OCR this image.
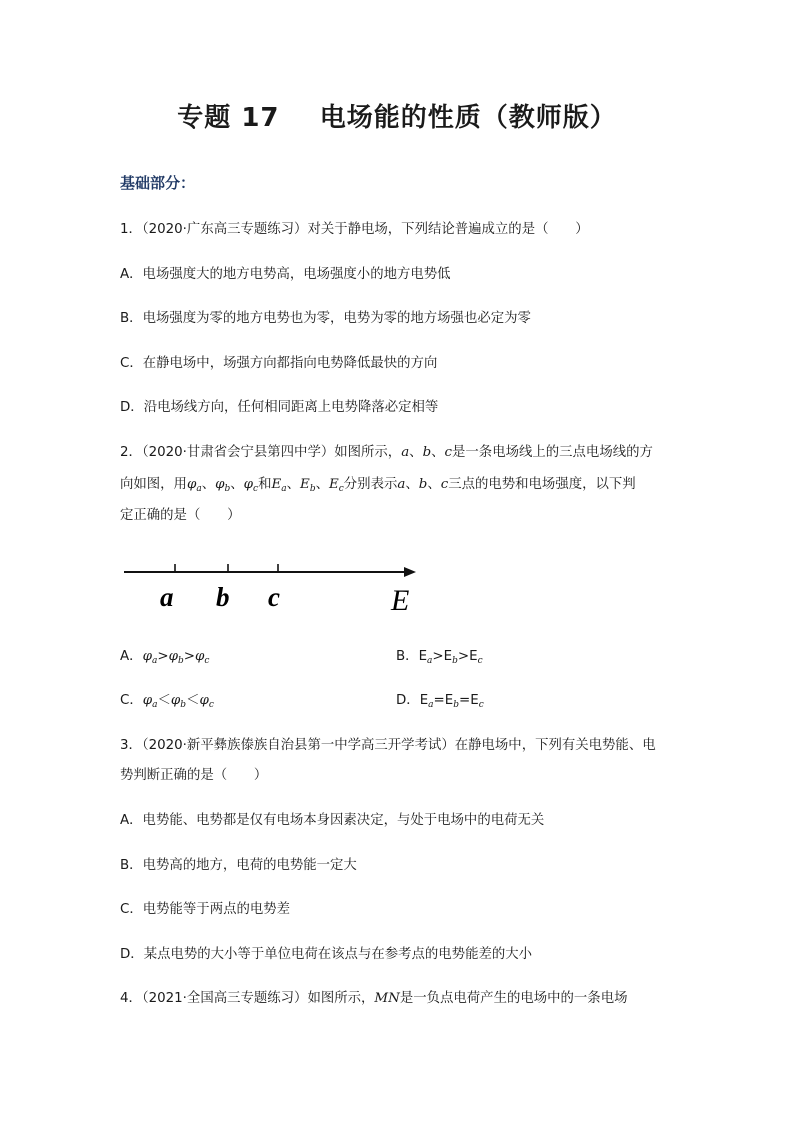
专题 17    电场能的性质（教师版）
基础部分：
1．（2020·广东高三专题练习）对关于静电场，下列结论普遍成立的是（　　）
A．电场强度大的地方电势高，电场强度小的地方电势低
B．电场强度为零的地方电势也为零，电势为零的地方场强也必定为零
C．在静电场中，场强方向都指向电势降低最快的方向
D．沿电场线方向，任何相同距离上电势降落必定相等
2．（2020·甘肃省会宁县第四中学）如图所示，a、b、c是一条电场线上的三点电场线的方
向如图，用$\varphi_a$、$\varphi_b$、$\varphi_c$和$E_a$、$E_b$、$E_c$分别表示a、b、c三点的电势和电场强度，以下判
定正确的是（　　）
a b c	E
A．$\varphi_a>\varphi_b>\varphi_c$	B．$E_a>E_b>E_c$
C．$\varphi_a<\varphi_b<\varphi_c$	D．$E_a=E_b=E_c$
3．（2020·新平彝族傣族自治县第一中学高三开学考试）在静电场中，下列有关电势能、电
势判断正确的是（　　）
A．电势能、电势都是仅有电场本身因素决定，与处于电场中的电荷无关
B．电势高的地方，电荷的电势能一定大
C．电势能等于两点的电势差
D．某点电势的大小等于单位电荷在该点与在参考点的电势能差的大小
4．（2021·全国高三专题练习）如图所示，MN是一负点电荷产生的电场中的一条电场
